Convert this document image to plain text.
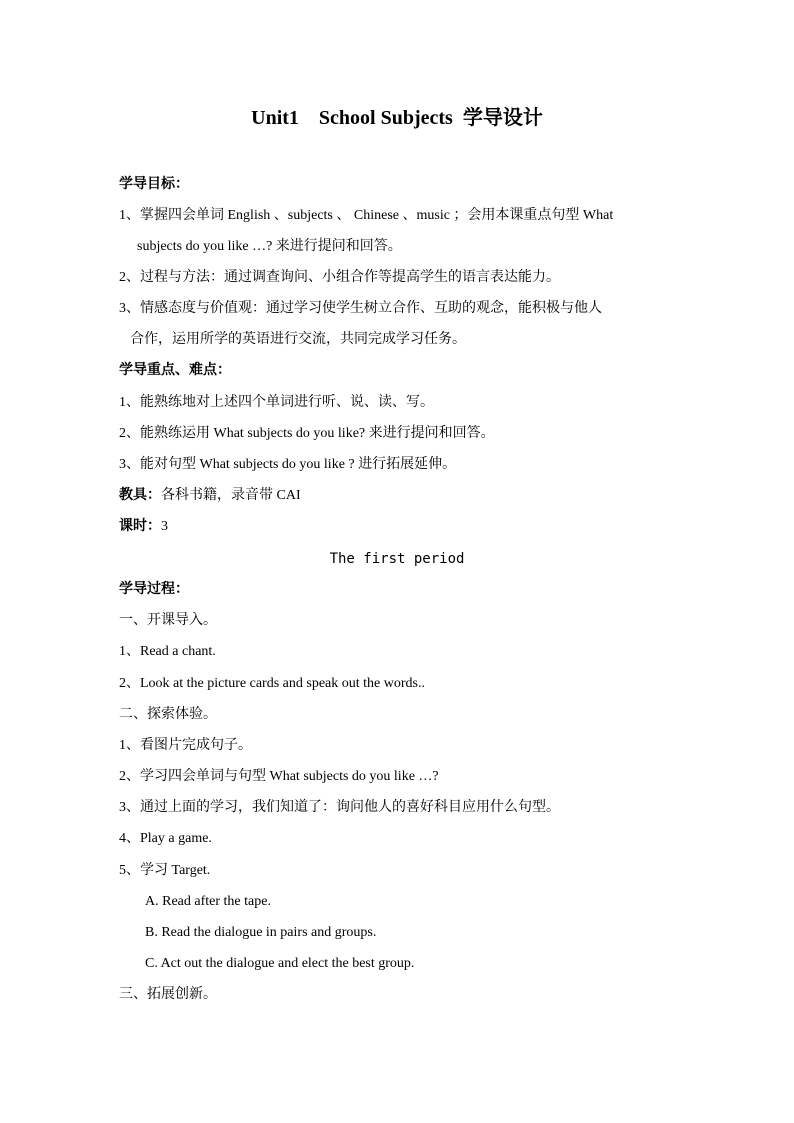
Unit1    School Subjects  学导设计
学导目标：
1、掌握四会单词 English 、subjects 、 Chinese 、music ；会用本课重点句型 What
subjects do you like …? 来进行提问和回答。
2、过程与方法：通过调查询问、小组合作等提高学生的语言表达能力。
3、情感态度与价值观：通过学习使学生树立合作、互助的观念，能积极与他人
合作，运用所学的英语进行交流，共同完成学习任务。
学导重点、难点：
1、能熟练地对上述四个单词进行听、说、读、写。
2、能熟练运用 What subjects do you like? 来进行提问和回答。
3、能对句型 What subjects do you like ? 进行拓展延伸。
教具：各科书籍，录音带 CAI
课时：3
The first period
学导过程：
一、开课导入。
1、Read a chant.
2、Look at the picture cards and speak out the words..
二、探索体验。
1、看图片完成句子。
2、学习四会单词与句型 What subjects do you like …?
3、通过上面的学习，我们知道了：询问他人的喜好科目应用什么句型。
4、Play a game.
5、学习 Target.
A. Read after the tape.
B. Read the dialogue in pairs and groups.
C. Act out the dialogue and elect the best group.
三、拓展创新。
